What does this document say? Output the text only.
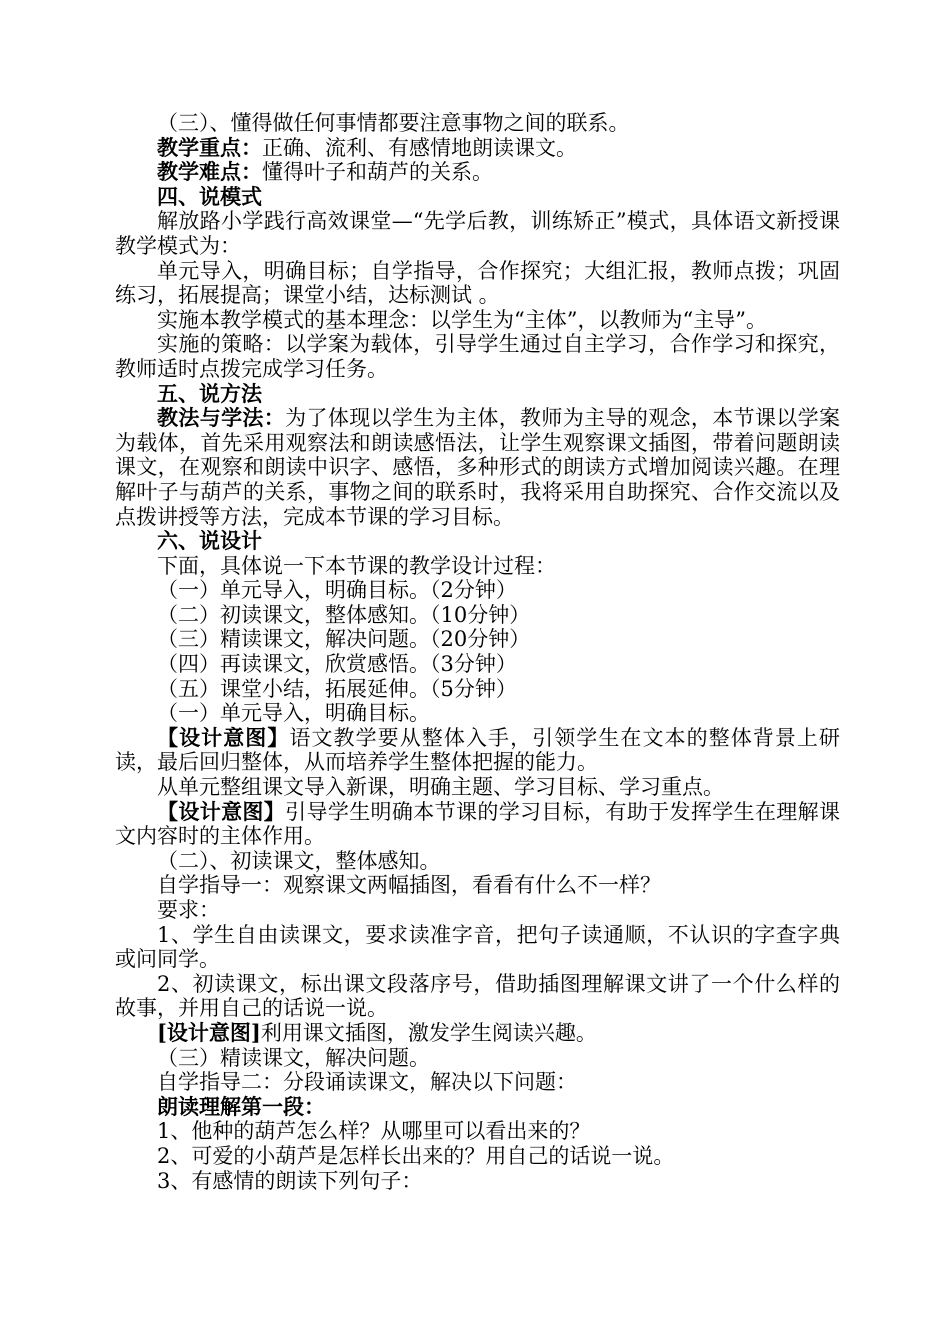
（三）、懂得做任何事情都要注意事物之间的联系。

教学重点：正确、流利、有感情地朗读课文。

教学难点：懂得叶子和葫芦的关系。

四、说模式

解放路小学践行高效课堂—“先学后教，训练矫正”模式，具体语文新授课教学模式为：

单元导入，明确目标；自学指导，合作探究；大组汇报，教师点拨；巩固练习，拓展提高；课堂小结，达标测试 。

实施本教学模式的基本理念：以学生为“主体”，以教师为“主导”。

实施的策略：以学案为载体，引导学生通过自主学习，合作学习和探究，教师适时点拨完成学习任务。

五、说方法

教法与学法：为了体现以学生为主体，教师为主导的观念，本节课以学案为载体，首先采用观察法和朗读感悟法，让学生观察课文插图，带着问题朗读课文，在观察和朗读中识字、感悟，多种形式的朗读方式增加阅读兴趣。在理解叶子与葫芦的关系，事物之间的联系时，我将采用自助探究、合作交流以及点拨讲授等方法，完成本节课的学习目标。

六、说设计

下面，具体说一下本节课的教学设计过程：

（一）单元导入，明确目标。（2分钟）

（二）初读课文，整体感知。（10分钟）

（三）精读课文，解决问题。（20分钟）

（四）再读课文，欣赏感悟。（3分钟）

（五）课堂小结，拓展延伸。（5分钟）

（一）单元导入，明确目标。

【设计意图】语文教学要从整体入手，引领学生在文本的整体背景上研读，最后回归整体，从而培养学生整体把握的能力。

从单元整组课文导入新课，明确主题、学习目标、学习重点。

【设计意图】引导学生明确本节课的学习目标，有助于发挥学生在理解课文内容时的主体作用。

（二）、初读课文，整体感知。

自学指导一：观察课文两幅插图，看看有什么不一样？

要求：

1、学生自由读课文，要求读准字音，把句子读通顺，不认识的字查字典或问同学。

2、初读课文，标出课文段落序号，借助插图理解课文讲了一个什么样的故事，并用自己的话说一说。

[设计意图]利用课文插图，激发学生阅读兴趣。

（三）精读课文，解决问题。

自学指导二：分段诵读课文，解决以下问题：

朗读理解第一段：

1、他种的葫芦怎么样？从哪里可以看出来的？

2、可爱的小葫芦是怎样长出来的？用自己的话说一说。

3、有感情的朗读下列句子：
